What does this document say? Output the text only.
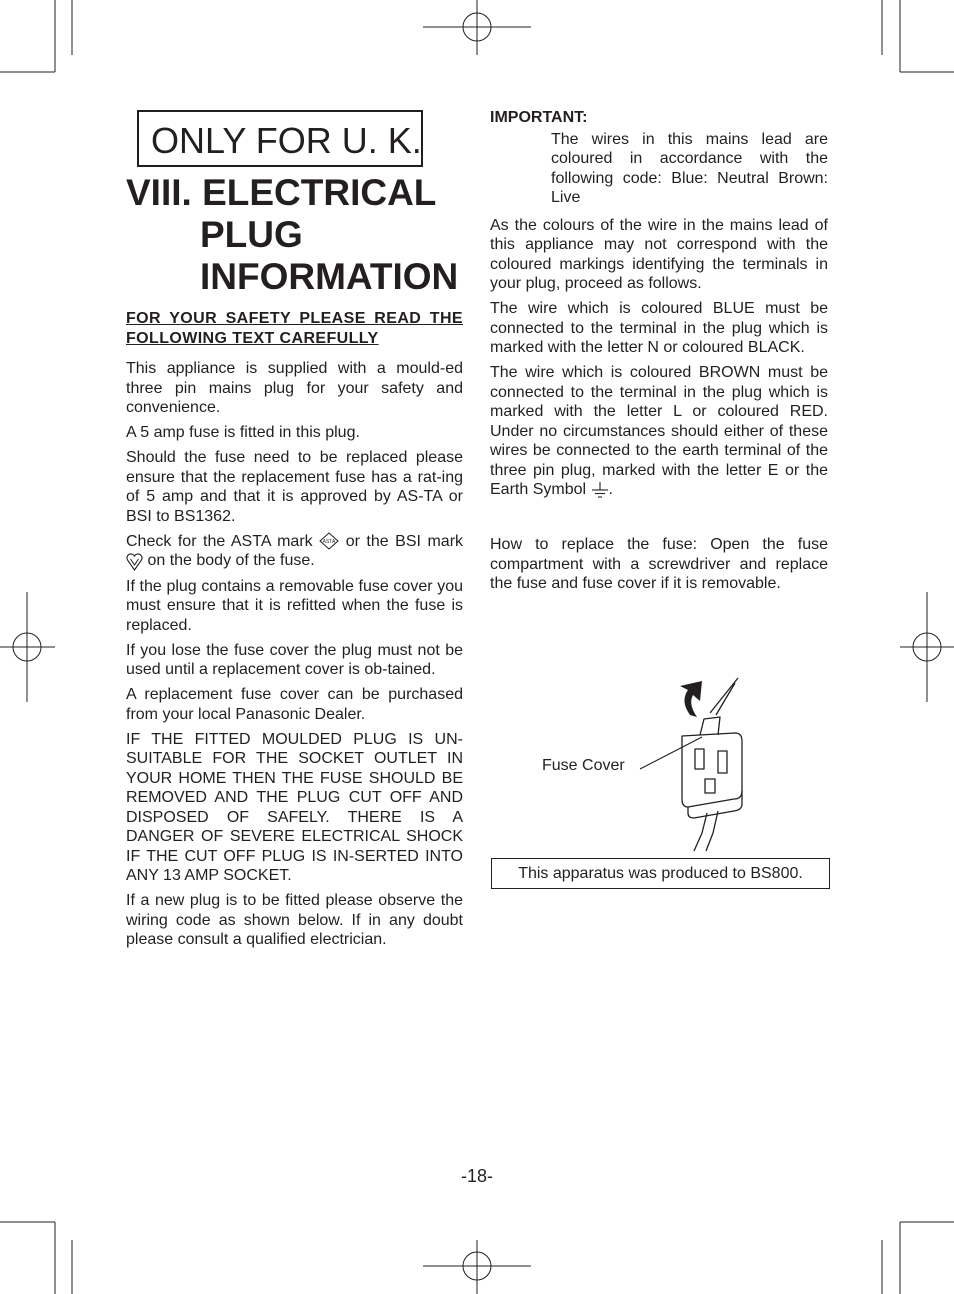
ONLY FOR U. K.
VIII. ELECTRICAL
PLUG
INFORMATION

FOR YOUR SAFETY PLEASE READ THE FOLLOWING TEXT CAREFULLY

This appliance is supplied with a mould-ed three pin mains plug for your safety and convenience.

A 5 amp fuse is fitted in this plug.

Should the fuse need to be replaced please ensure that the replacement fuse has a rat-ing of 5 amp and that it is approved by AS-TA or BSI to BS1362.

Check for the ASTA mark ASTA or the BSI mark  on the body of the fuse.

If the plug contains a removable fuse cover you must ensure that it is refitted when the fuse is replaced.

If you lose the fuse cover the plug must not be used until a replacement cover is ob-tained.

A replacement fuse cover can be purchased from your local Panasonic Dealer.

IF THE FITTED MOULDED PLUG IS UN-SUITABLE FOR THE SOCKET OUTLET IN YOUR HOME THEN THE FUSE SHOULD BE REMOVED AND THE PLUG CUT OFF AND DISPOSED OF SAFELY. THERE IS A DANGER OF SEVERE ELECTRICAL SHOCK IF THE CUT OFF PLUG IS IN-SERTED INTO ANY 13 AMP SOCKET.

If a new plug is to be fitted please observe the wiring code as shown below. If in any doubt please consult a qualified electrician.

IMPORTANT:

The wires in this mains lead are coloured in accordance with the following code: Blue: Neutral Brown: Live

As the colours of the wire in the mains lead of this appliance may not correspond with the coloured markings identifying the terminals in your plug, proceed as follows.

The wire which is coloured BLUE must be connected to the terminal in the plug which is marked with the letter N or coloured BLACK.

The wire which is coloured BROWN must be connected to the terminal in the plug which is marked with the letter L or coloured RED. Under no circumstances should either of these wires be connected to the earth terminal of the three pin plug, marked with the letter E or the Earth Symbol .

How to replace the fuse: Open the fuse compartment with a screwdriver and replace the fuse and fuse cover if it is removable.

Fuse Cover
This apparatus was produced to BS800.
-18-
